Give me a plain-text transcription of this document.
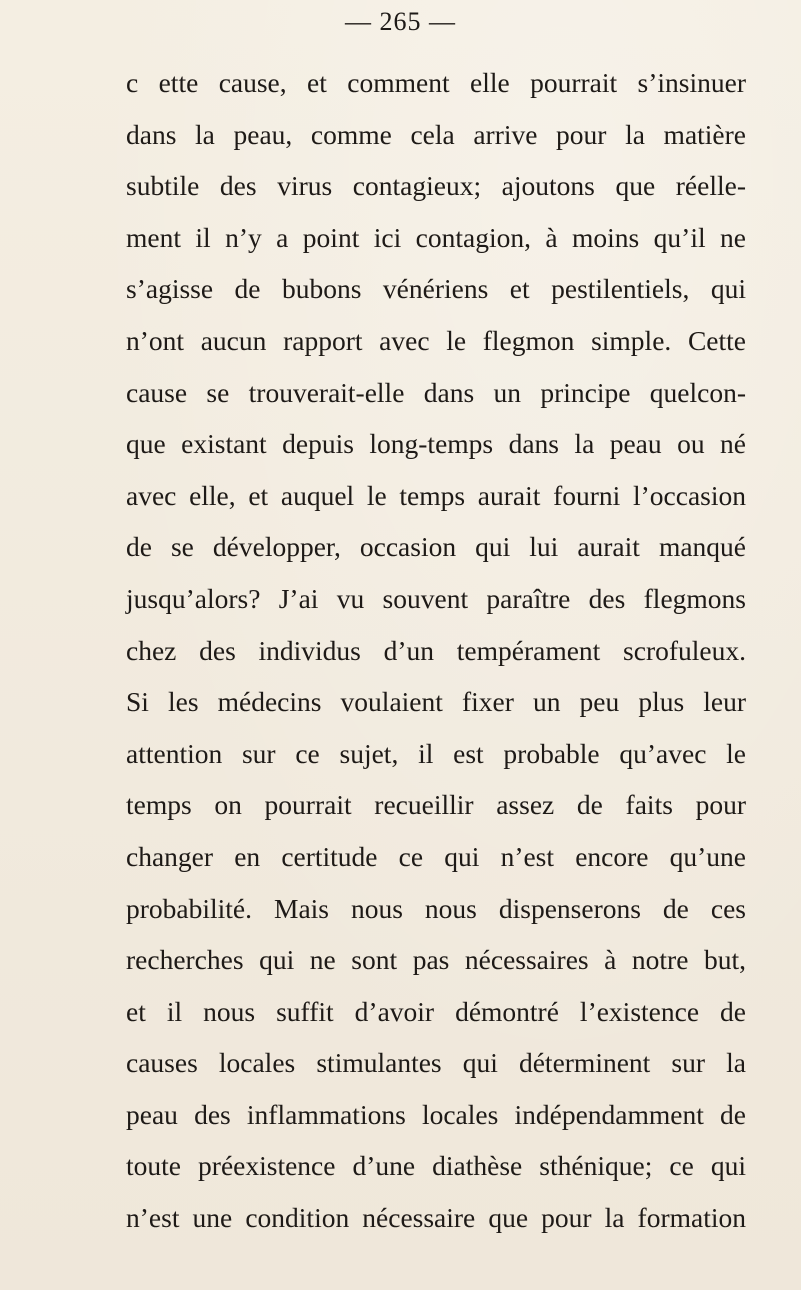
— 265 —
c ette cause, et comment elle pourrait s’insinuer
dans la peau, comme cela arrive pour la matière
subtile des virus contagieux; ajoutons que réelle-
ment il n’y a point ici contagion, à moins qu’il ne
s’agisse de bubons vénériens et pestilentiels, qui
n’ont aucun rapport avec le flegmon simple. Cette
cause se trouverait-elle dans un principe quelcon-
que existant depuis long-temps dans la peau ou né
avec elle, et auquel le temps aurait fourni l’occasion
de se développer, occasion qui lui aurait manqué
jusqu’alors? J’ai vu souvent paraître des flegmons
chez des individus d’un tempérament scrofuleux.
Si les médecins voulaient fixer un peu plus leur
attention sur ce sujet, il est probable qu’avec le
temps on pourrait recueillir assez de faits pour
changer en certitude ce qui n’est encore qu’une
probabilité. Mais nous nous dispenserons de ces
recherches qui ne sont pas nécessaires à notre but,
et il nous suffit d’avoir démontré l’existence de
causes locales stimulantes qui déterminent sur la
peau des inflammations locales indépendamment de
toute préexistence d’une diathèse sthénique; ce qui
n’est une condition nécessaire que pour la formation
